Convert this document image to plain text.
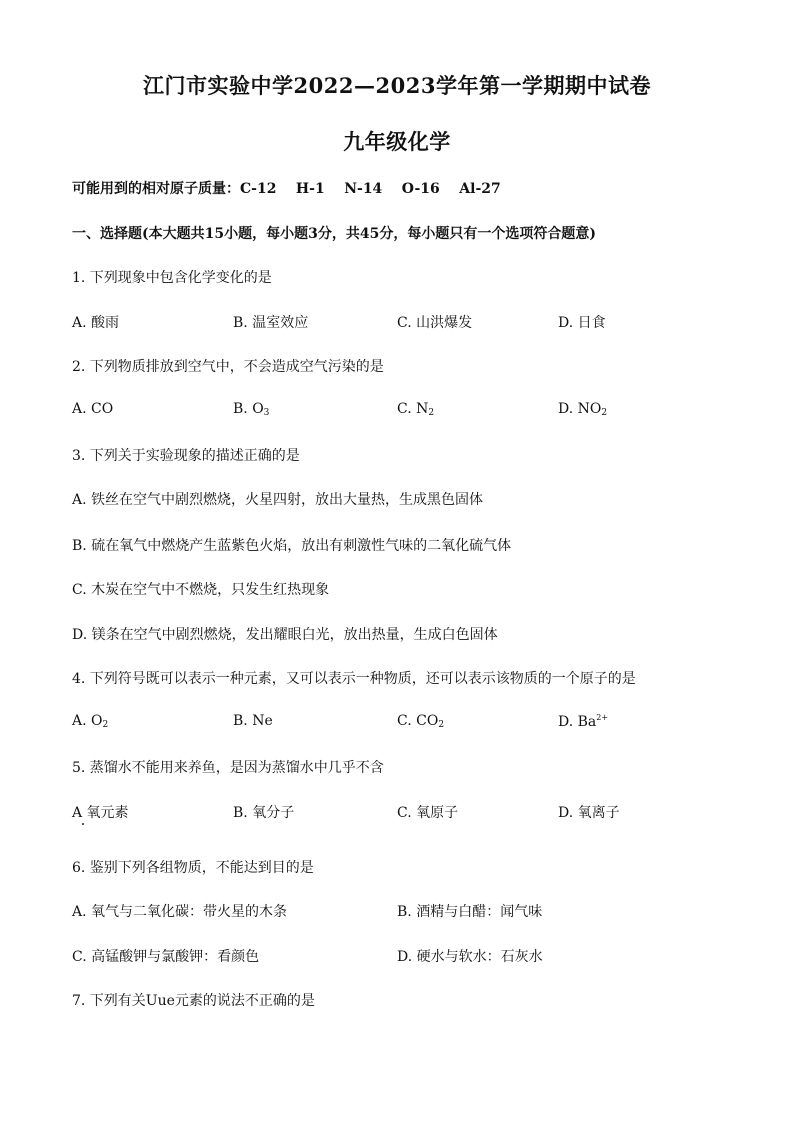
江门市实验中学2022—2023学年第一学期期中试卷
九年级化学
可能用到的相对原子质量：C-12    H-1    N-14    O-16    Al-27
一、选择题(本大题共15小题，每小题3分，共45分，每小题只有一个选项符合题意)
1. 下列现象中包含化学变化的是
A. 酸雨	B. 温室效应	C. 山洪爆发	D. 日食
2. 下列物质排放到空气中，不会造成空气污染的是
A. CO	B. $O_3$	C. $N_2$	D. $NO_2$
3. 下列关于实验现象的描述正确的是
A. 铁丝在空气中剧烈燃烧，火星四射，放出大量热，生成黑色固体
B. 硫在氧气中燃烧产生蓝紫色火焰，放出有刺激性气味的二氧化硫气体
C. 木炭在空气中不燃烧，只发生红热现象
D. 镁条在空气中剧烈燃烧，发出耀眼白光，放出热量，生成白色固体
4. 下列符号既可以表示一种元素，又可以表示一种物质，还可以表示该物质的一个原子的是
A. $O_2$	B. Ne	C. $CO_2$	D. $Ba^{2+}$
5. 蒸馏水不能用来养鱼，是因为蒸馏水中几乎不含
A 氧元素	B. 氧分子	C. 氧原子	D. 氧离子
6. 鉴别下列各组物质，不能达到目的是
A. 氧气与二氧化碳：带火星的木条	B. 酒精与白醋：闻气味
C. 高锰酸钾与氯酸钾：看颜色	D. 硬水与软水：石灰水
7. 下列有关Uue元素的说法不正确的是
